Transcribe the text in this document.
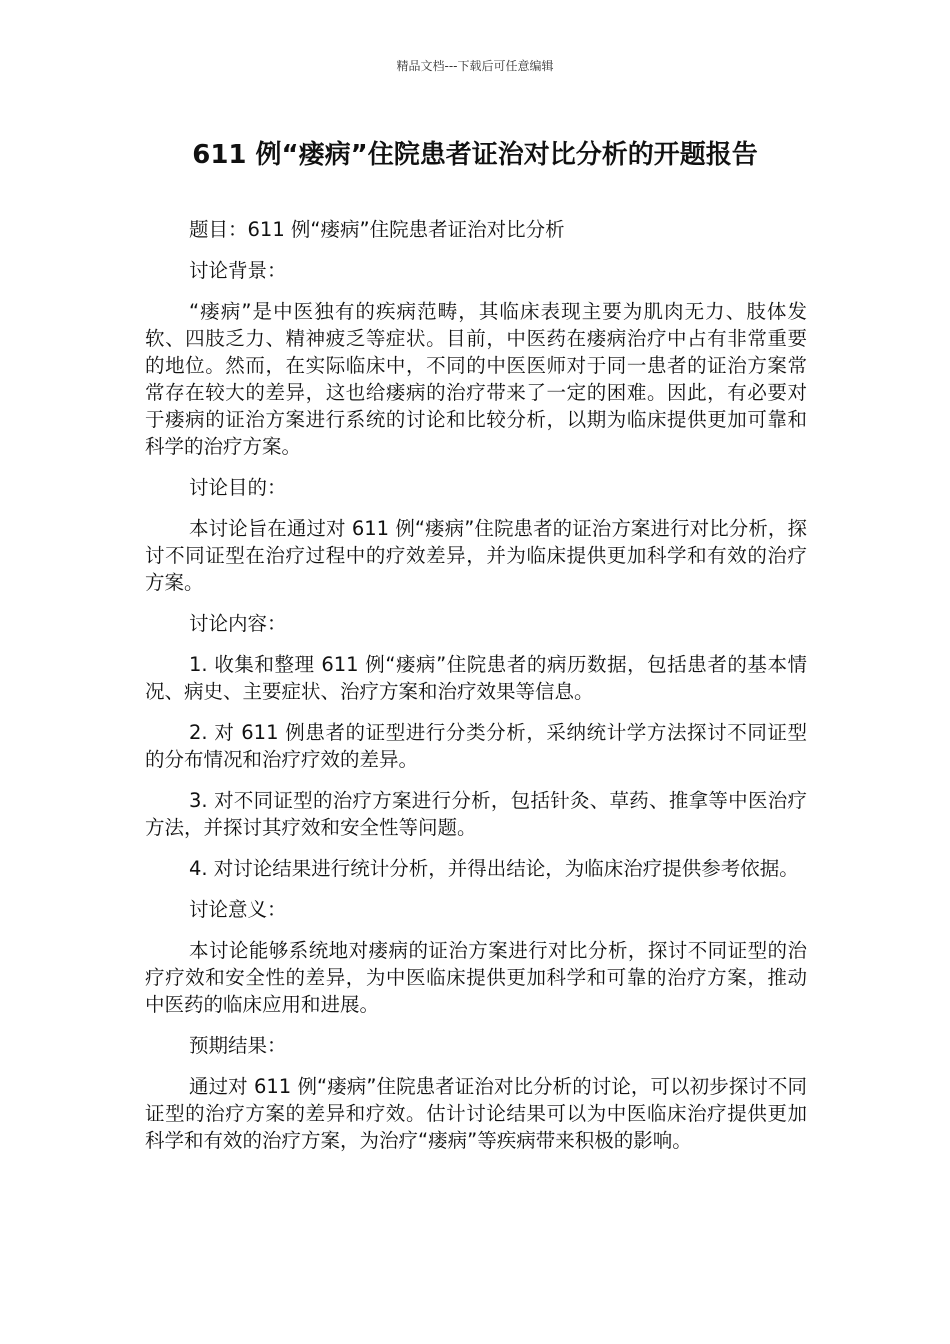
精品文档---下载后可任意编辑
611 例“瘘病”住院患者证治对比分析的开题报告

题目：611 例“瘘病”住院患者证治对比分析

讨论背景：

“瘘病”是中医独有的疾病范畴，其临床表现主要为肌肉无力、肢体发软、四肢乏力、精神疲乏等症状。目前，中医药在瘘病治疗中占有非常重要的地位。然而，在实际临床中，不同的中医医师对于同一患者的证治方案常常存在较大的差异，这也给瘘病的治疗带来了一定的困难。因此，有必要对于瘘病的证治方案进行系统的讨论和比较分析，以期为临床提供更加可靠和科学的治疗方案。

讨论目的：

本讨论旨在通过对 611 例“瘘病”住院患者的证治方案进行对比分析，探讨不同证型在治疗过程中的疗效差异，并为临床提供更加科学和有效的治疗方案。

讨论内容：

1. 收集和整理 611 例“瘘病”住院患者的病历数据，包括患者的基本情况、病史、主要症状、治疗方案和治疗效果等信息。

2. 对 611 例患者的证型进行分类分析，采纳统计学方法探讨不同证型的分布情况和治疗疗效的差异。

3. 对不同证型的治疗方案进行分析，包括针灸、草药、推拿等中医治疗方法，并探讨其疗效和安全性等问题。

4. 对讨论结果进行统计分析，并得出结论，为临床治疗提供参考依据。

讨论意义：

本讨论能够系统地对瘘病的证治方案进行对比分析，探讨不同证型的治疗疗效和安全性的差异，为中医临床提供更加科学和可靠的治疗方案，推动中医药的临床应用和进展。

预期结果：

通过对 611 例“瘘病”住院患者证治对比分析的讨论，可以初步探讨不同证型的治疗方案的差异和疗效。估计讨论结果可以为中医临床治疗提供更加科学和有效的治疗方案，为治疗“瘘病”等疾病带来积极的影响。
